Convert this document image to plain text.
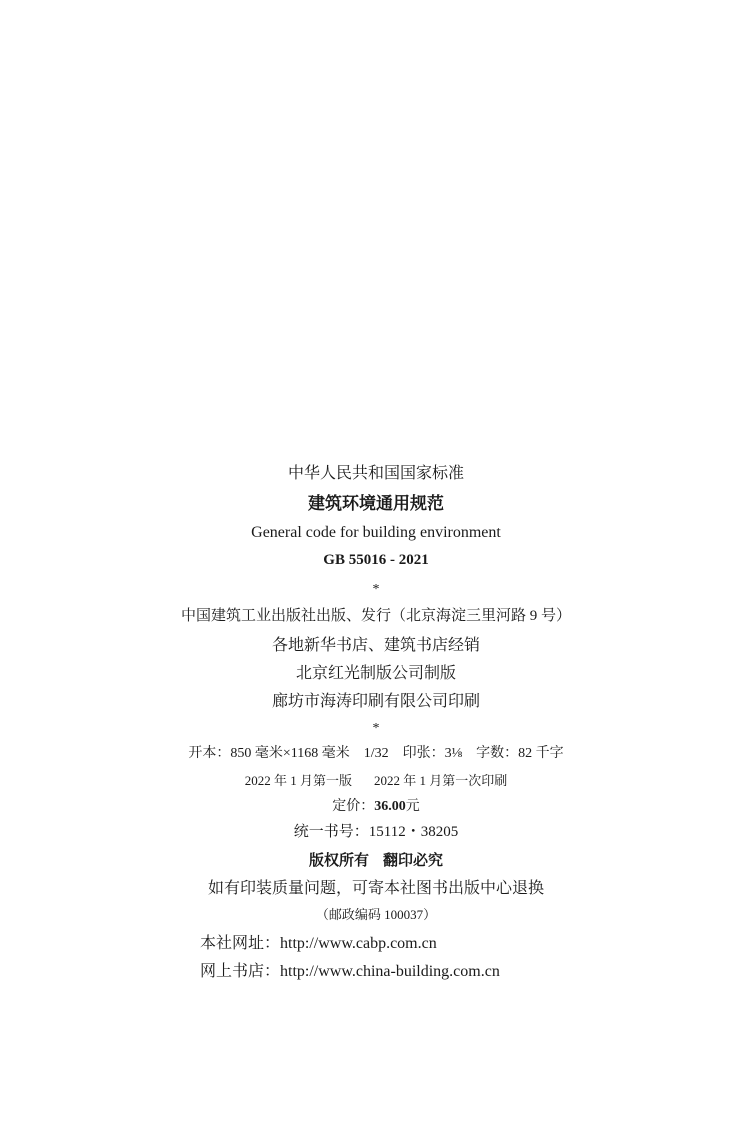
中华人民共和国国家标准
建筑环境通用规范
General code for building environment
GB 55016 - 2021
*
中国建筑工业出版社出版、发行（北京海淀三里河路 9 号）
各地新华书店、建筑书店经销
北京红光制版公司制版
廊坊市海涛印刷有限公司印刷
*
开本：850 毫米×1168 毫米 1/32 印张：3⅛ 字数：82 千字
2022 年 1 月第一版 2022 年 1 月第一次印刷
定价：36.00元
统一书号：15112・38205
版权所有 翻印必究
如有印装质量问题，可寄本社图书出版中心退换
（邮政编码 100037）
本社网址：http://www.cabp.com.cn
网上书店：http://www.china-building.com.cn
